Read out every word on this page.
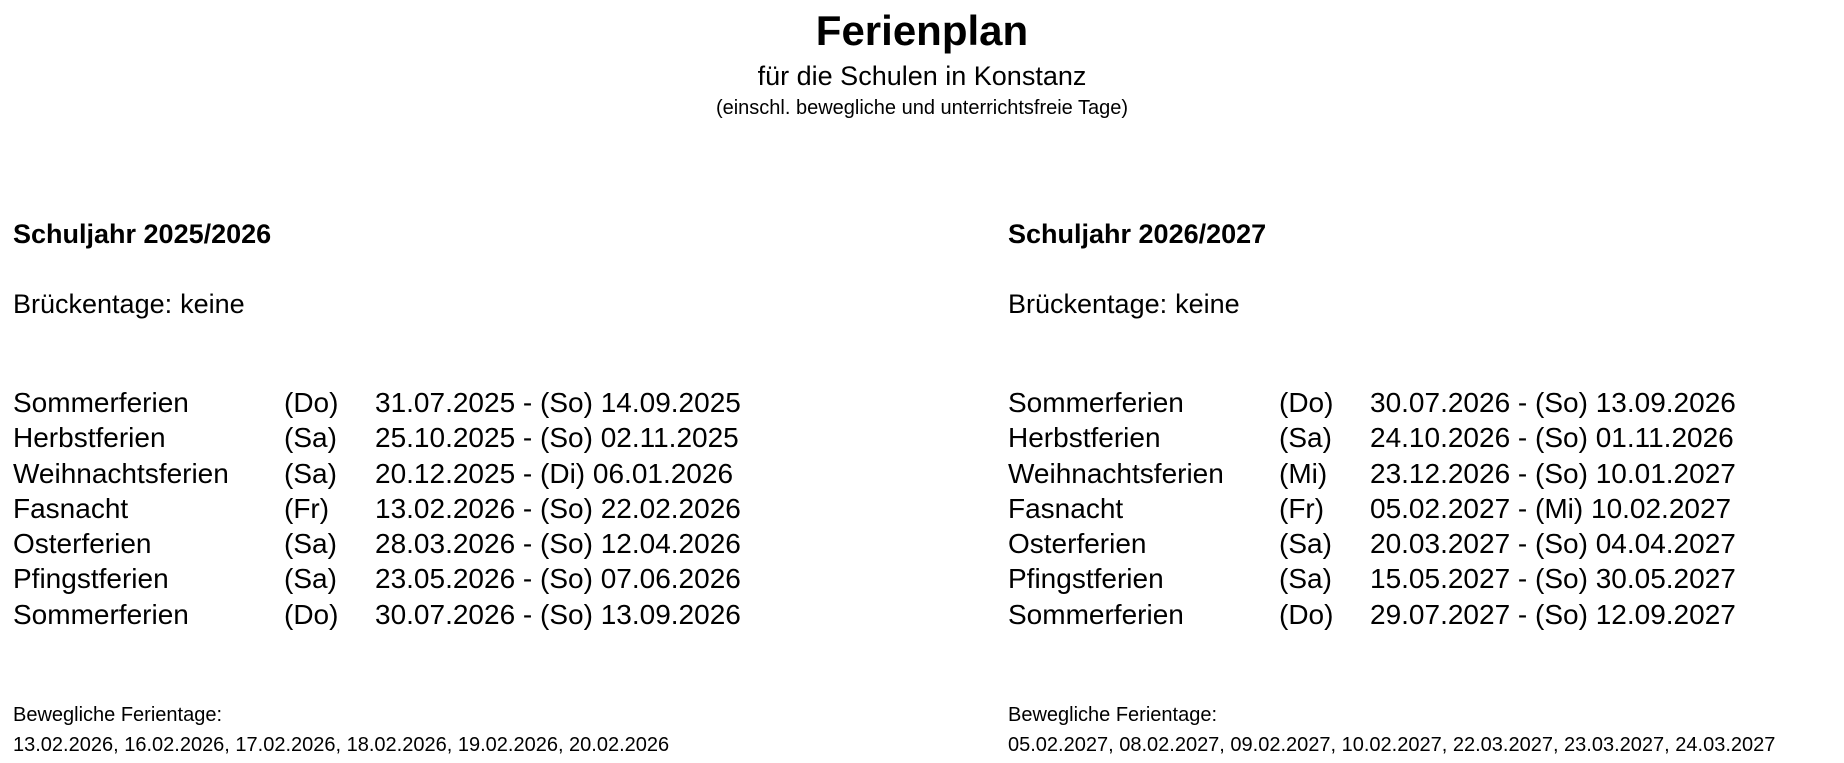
Ferienplan
für die Schulen in Konstanz
(einschl. bewegliche und unterrichtsfreie Tage)
Schuljahr 2025/2026
Brückentage: keine
Sommerferien	(Do) 31.07.2025 - (So) 14.09.2025
Herbstferien	(Sa) 25.10.2025 - (So) 02.11.2025
Weihnachtsferien (Sa) 20.12.2025 - (Di) 06.01.2026
Fasnacht	(Fr) 13.02.2026 - (So) 22.02.2026
Osterferien	(Sa) 28.03.2026 - (So) 12.04.2026
Pfingstferien	(Sa) 23.05.2026 - (So) 07.06.2026
Sommerferien	(Do) 30.07.2026 - (So) 13.09.2026
Bewegliche Ferientage:
13.02.2026, 16.02.2026, 17.02.2026, 18.02.2026, 19.02.2026, 20.02.2026
Schuljahr 2026/2027
Brückentage: keine
Sommerferien	(Do) 30.07.2026 - (So) 13.09.2026
Herbstferien	(Sa) 24.10.2026 - (So) 01.11.2026
Weihnachtsferien (Mi) 23.12.2026 - (So) 10.01.2027
Fasnacht	(Fr) 05.02.2027 - (Mi) 10.02.2027
Osterferien	(Sa) 20.03.2027 - (So) 04.04.2027
Pfingstferien	(Sa) 15.05.2027 - (So) 30.05.2027
Sommerferien	(Do) 29.07.2027 - (So) 12.09.2027
Bewegliche Ferientage:
05.02.2027, 08.02.2027, 09.02.2027, 10.02.2027, 22.03.2027, 23.03.2027, 24.03.2027
